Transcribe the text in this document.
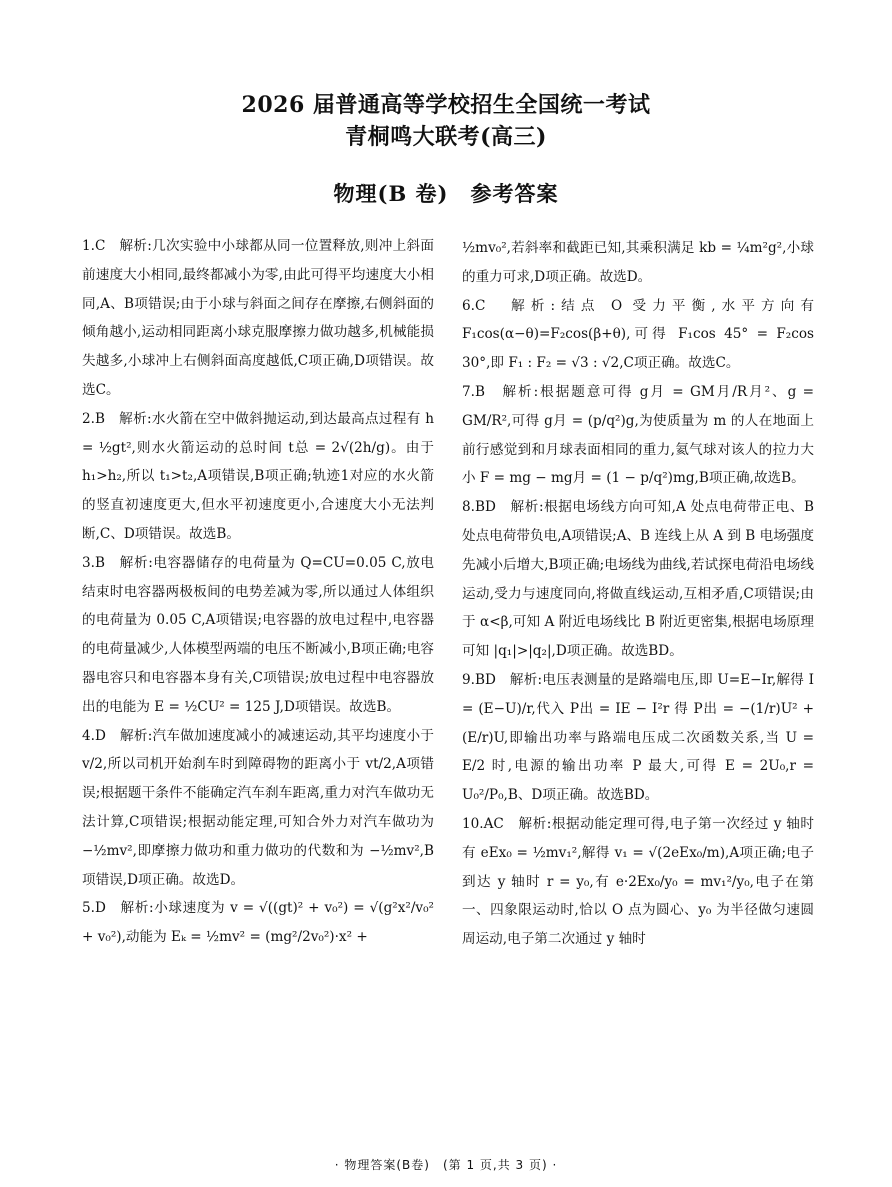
2026 届普通高等学校招生全国统一考试
青桐鸣大联考(高三)
物理(B 卷)　参考答案

1.C　解析:几次实验中小球都从同一位置释放,则冲上斜面前速度大小相同,最终都减小为零,由此可得平均速度大小相同,A、B项错误;由于小球与斜面之间存在摩擦,右侧斜面的倾角越小,运动相同距离小球克服摩擦力做功越多,机械能损失越多,小球冲上右侧斜面高度越低,C项正确,D项错误。故选C。

2.B　解析:水火箭在空中做斜抛运动,到达最高点过程有 h = ½gt²,则水火箭运动的总时间 t总 = 2√(2h/g)。由于 h₁>h₂,所以 t₁>t₂,A项错误,B项正确;轨迹1对应的水火箭的竖直初速度更大,但水平初速度更小,合速度大小无法判断,C、D项错误。故选B。

3.B　解析:电容器储存的电荷量为 Q=CU=0.05 C,放电结束时电容器两极板间的电势差减为零,所以通过人体组织的电荷量为 0.05 C,A项错误;电容器的放电过程中,电容器的电荷量减少,人体模型两端的电压不断减小,B项正确;电容器电容只和电容器本身有关,C项错误;放电过程中电容器放出的电能为 E = ½CU² = 125 J,D项错误。故选B。

4.D　解析:汽车做加速度减小的减速运动,其平均速度小于 v/2,所以司机开始刹车时到障碍物的距离小于 vt/2,A项错误;根据题干条件不能确定汽车刹车距离,重力对汽车做功无法计算,C项错误;根据动能定理,可知合外力对汽车做功为 −½mv²,即摩擦力做功和重力做功的代数和为 −½mv²,B项错误,D项正确。故选D。

5.D　解析:小球速度为 v = √((gt)² + v₀²) = √(g²x²/v₀² + v₀²),动能为 Eₖ = ½mv² = (mg²/2v₀²)·x² +

½mv₀²,若斜率和截距已知,其乘积满足 kb = ¼m²g²,小球的重力可求,D项正确。故选D。

6.C　解析:结点 O 受力平衡,水平方向有 F₁cos(α−θ)=F₂cos(β+θ),可得 F₁cos 45° = F₂cos 30°,即 F₁ : F₂ = √3 : √2,C项正确。故选C。

7.B　解析:根据题意可得 g月 = GM月/R月²、g = GM/R²,可得 g月 = (p/q²)g,为使质量为 m 的人在地面上前行感觉到和月球表面相同的重力,氦气球对该人的拉力大小 F = mg − mg月 = (1 − p/q²)mg,B项正确,故选B。

8.BD　解析:根据电场线方向可知,A 处点电荷带正电、B 处点电荷带负电,A项错误;A、B 连线上从 A 到 B 电场强度先减小后增大,B项正确;电场线为曲线,若试探电荷沿电场线运动,受力与速度同向,将做直线运动,互相矛盾,C项错误;由于 α<β,可知 A 附近电场线比 B 附近更密集,根据电场原理可知 |q₁|>|q₂|,D项正确。故选BD。

9.BD　解析:电压表测量的是路端电压,即 U=E−Ir,解得 I = (E−U)/r,代入 P出 = IE − I²r 得 P出 = −(1/r)U² + (E/r)U,即输出功率与路端电压成二次函数关系,当 U = E/2 时,电源的输出功率 P 最大,可得 E = 2U₀,r = U₀²/P₀,B、D项正确。故选BD。

10.AC　解析:根据动能定理可得,电子第一次经过 y 轴时有 eEx₀ = ½mv₁²,解得 v₁ = √(2eEx₀/m),A项正确;电子到达 y 轴时 r = y₀,有 e·2Ex₀/y₀ = mv₁²/y₀,电子在第一、四象限运动时,恰以 O 点为圆心、y₀ 为半径做匀速圆周运动,电子第二次通过 y 轴时

· 物理答案(B卷)　(第 1 页,共 3 页) ·
